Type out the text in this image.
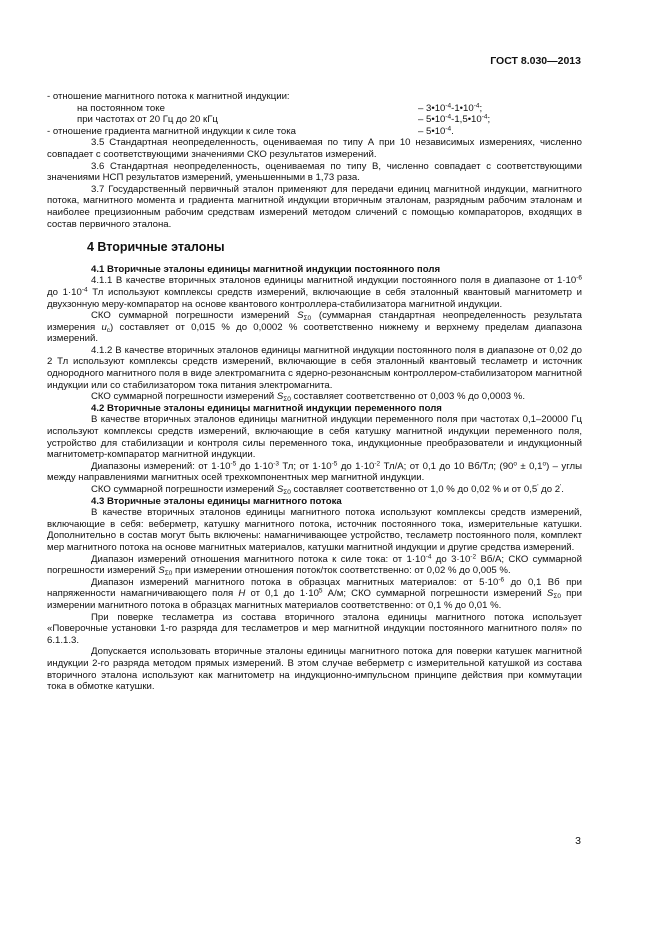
ГОСТ 8.030—2013

- отношение магнитного потока к магнитной индукции:

на постоянном токе	– $3•10^{-4}-1•10^{-4}$;
при частотах от 20 Гц до 20 кГц	– $5•10^{-4}-1,5•10^{-4}$;
- отношение градиента магнитной индукции к силе тока	– $5•10^{-4}$.

3.5 Стандартная неопределенность, оцениваемая по типу А при 10 независимых измерениях, численно совпадает с соответствующими значениями СКО результатов измерений.

3.6 Стандартная неопределенность, оцениваемая по типу В, численно совпадает с соответствующими значениями НСП результатов измерений, уменьшенными в 1,73 раза.

3.7 Государственный первичный эталон применяют для передачи единиц магнитной индукции, магнитного потока, магнитного момента и градиента магнитной индукции вторичным эталонам, разрядным рабочим эталонам и наиболее прецизионным рабочим средствам измерений методом сличений с помощью компараторов, входящих в состав первичного эталона.

4 Вторичные эталоны

4.1 Вторичные эталоны единицы магнитной индукции постоянного поля

4.1.1 В качестве вторичных эталонов единицы магнитной индукции постоянного поля в диапазоне от $1\cdot 10^{-6}$ до $1\cdot 10^{-4}$ Тл используют комплексы средств измерений, включающие в себя эталонный квантовый магнитометр и двухзонную меру-компаратор на основе квантового контроллера-стабилизатора магнитной индукции.

СКО суммарной погрешности измерений $S_{\Sigma 0}$ (суммарная стандартная неопределенность результата измерения $u_c$) составляет от 0,015 % до 0,0002 % соответственно нижнему и верхнему пределам диапазона измерений.

4.1.2 В качестве вторичных эталонов единицы магнитной индукции постоянного поля в диапазоне от 0,02 до 2 Тл используют комплексы средств измерений, включающие в себя эталонный квантовый тесламетр и источник однородного магнитного поля в виде электромагнита с ядерно-резонансным контроллером-стабилизатором магнитной индукции или со стабилизатором тока питания электромагнита.

СКО суммарной погрешности измерений $S_{\Sigma 0}$ составляет соответственно от 0,003 % до 0,0003 %.

4.2 Вторичные эталоны единицы магнитной индукции переменного поля

В качестве вторичных эталонов единицы магнитной индукции переменного поля при частотах 0,1–20000 Гц используют комплексы средств измерений, включающие в себя катушку магнитной индукции переменного поля, устройство для стабилизации и контроля силы переменного тока, индукционные преобразователи и индукционный магнитометр-компаратор магнитной индукции.

Диапазоны измерений: от $1\cdot 10^{-5}$ до $1\cdot 10^{-3}$ Тл; от $1\cdot 10^{-5}$ до $1\cdot 10^{-2}$ Тл/А; от 0,1 до 10 Вб/Тл; $(90^о \pm 0,1^о)$ – углы между направлениями магнитных осей трехкомпонентных мер магнитной индукции.

СКО суммарной погрешности измерений $S_{\Sigma 0}$ составляет соответственно от 1,0 % до 0,02 % и от 0,5' до 2'.

4.3 Вторичные эталоны единицы магнитного потока

В качестве вторичных эталонов единицы магнитного потока используют комплексы средств измерений, включающие в себя: веберметр, катушку магнитного потока, источник постоянного тока, измерительные катушки. Дополнительно в состав могут быть включены: намагничивающее устройство, тесламетр постоянного поля, комплект мер магнитного потока на основе магнитных материалов, катушки магнитной индукции и другие средства измерений.

Диапазон измерений отношения магнитного потока к силе тока: от $1\cdot 10^{-4}$ до $3\cdot 10^{-2}$ Вб/А; СКО суммарной погрешности измерений $S_{\Sigma 0}$ при измерении отношения поток/ток соответственно: от 0,02 % до 0,005 %.

Диапазон измерений магнитного потока в образцах магнитных материалов: от $5\cdot 10^{-6}$ до 0,1 Вб при напряженности намагничивающего поля H от 0,1 до $1\cdot 10^5$ А/м; СКО суммарной погрешности измерений $S_{\Sigma 0}$ при измерении магнитного потока в образцах магнитных материалов соответственно: от 0,1 % до 0,01 %.

При поверке тесламетра из состава вторичного эталона единицы магнитного потока использует «Поверочные установки 1-го разряда для тесламетров и мер магнитной индукции постоянного магнитного поля» по 6.1.1.3.

Допускается использовать вторичные эталоны единицы магнитного потока для поверки катушек магнитной индукции 2-го разряда методом прямых измерений. В этом случае веберметр с измерительной катушкой из состава вторичного эталона используют как магнитометр на индукционно-импульсном принципе действия при коммутации тока в обмотке катушки.

3
